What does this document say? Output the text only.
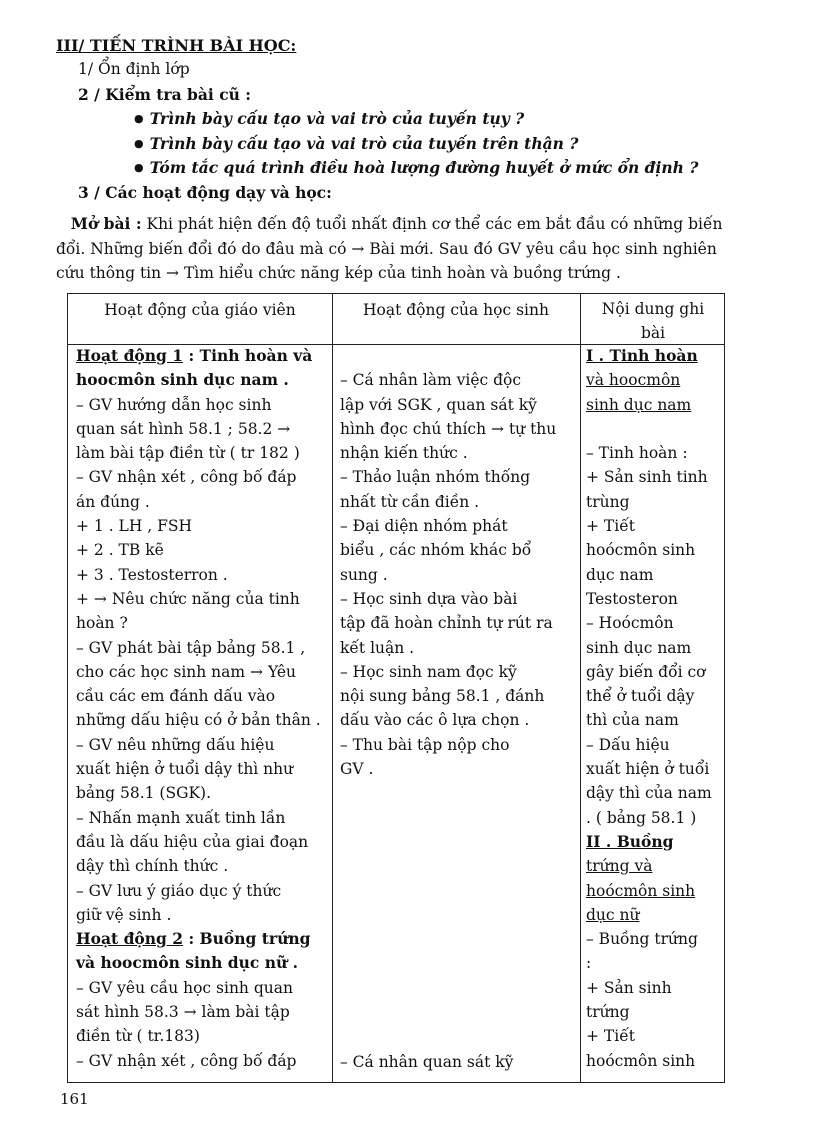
III/ TIẾN TRÌNH BÀI HỌC:
1/ Ổn định lớp
2 / Kiểm tra bài cũ :
● Trình bày cấu tạo và vai trò của tuyến tụy ?
● Trình bày cấu tạo và vai trò của tuyến trên thận ?
● Tóm tắc quá trình điều hoà lượng đường huyết ở mức ổn định ?
3 / Các hoạt động dạy và học:
Mở bài : Khi phát hiện đến độ tuổi nhất định cơ thể các em bắt đầu có những biến
đổi. Những biến đổi đó do đâu mà có → Bài mới. Sau đó GV yêu cầu học sinh nghiên
cứu thông tin → Tìm hiểu chức năng kép của tinh hoàn và buồng trứng .
Hoạt động của giáo viên	Hoạt động của học sinh	Nội dung ghi
bài
Hoạt động 1 : Tinh hoàn và
hoocmôn sinh dục nam .
– GV hướng dẫn học sinh
quan sát hình 58.1 ; 58.2 →
làm bài tập điền từ ( tr 182 )
– GV nhận xét , công bố đáp
án đúng .
+ 1 . LH , FSH
+ 2 . TB kẽ
+ 3 . Testosterron .
+ → Nêu chức năng của tinh
hoàn ?
– GV phát bài tập bảng 58.1 ,
cho các học sinh nam → Yêu
cầu các em đánh dấu vào
những dấu hiệu có ở bản thân .
– GV nêu những dấu hiệu
xuất hiện ở tuổi dậy thì như
bảng 58.1 (SGK).
– Nhấn mạnh xuất tinh lần
đầu là dấu hiệu của giai đoạn
dậy thì chính thức .
– GV lưu ý giáo dục ý thức
giữ vệ sinh .
Hoạt động 2 : Buồng trứng
và hoocmôn sinh dục nữ .
– GV yêu cầu học sinh quan
sát hình 58.3 → làm bài tập
điền từ ( tr.183)
– GV nhận xét , công bố đáp
– Cá nhân làm việc độc
lập với SGK , quan sát kỹ
hình đọc chú thích → tự thu
nhận kiến thức .
– Thảo luận nhóm thống
nhất từ cần điền .
– Đại diện nhóm phát
biểu , các nhóm khác bổ
sung .
– Học sinh dựa vào bài
tập đã hoàn chỉnh tự rút ra
kết luận .
– Học sinh nam đọc kỹ
nội sung bảng 58.1 , đánh
dấu vào các ô lựa chọn .
– Thu bài tập nộp cho
GV .
– Cá nhân quan sát kỹ
I . Tinh hoàn
và hoocmôn
sinh dục nam
– Tinh hoàn :
+ Sản sinh tinh
trùng
+ Tiết
hoócmôn sinh
dục nam
Testosteron
– Hoócmôn
sinh dục nam
gây biến đổi cơ
thể ở tuổi dậy
thì của nam
– Dấu hiệu
xuất hiện ở tuổi
dậy thì của nam
. ( bảng 58.1 )
II . Buồng
trứng và
hoócmôn sinh
dục nữ
– Buồng trứng
:
+ Sản sinh
trứng
+ Tiết
hoócmôn sinh
161
